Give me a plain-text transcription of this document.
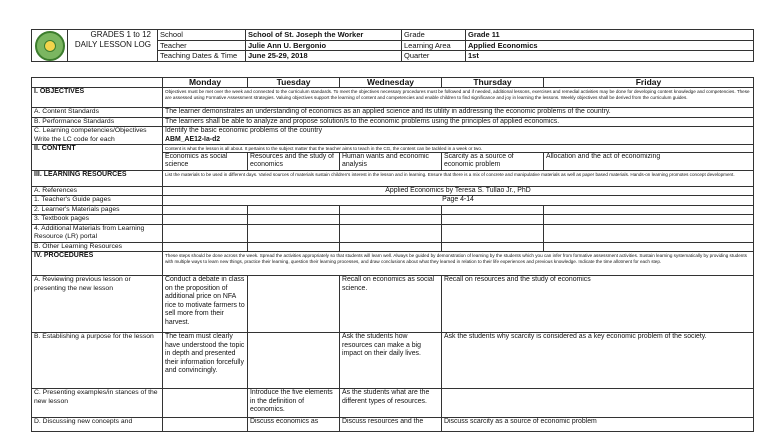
	GRADES 1 to 12
DAILY LESSON LOG	School	School of St. Joseph the Worker	Grade	Grade 11
		Teacher	Julie Ann U. Bergonio	Learning Area	Applied Economics
		Teaching Dates & Time	June 25-29, 2018	Quarter	1st
	Monday	Tuesday	Wednesday	Thursday	Friday
I. OBJECTIVES	Objectives must be met over the week and connected to the curriculum standards. To meet the objectives necessary procedures must be followed and if needed, additional lessons, exercises and remedial activities may be done for developing content knowledge and competencies. These are assessed using Formative Assessment strategies. Valuing objectives support the learning of content and competencies and enable children to find significance and joy in learning the lessons. Weekly objectives shall be derived from the curriculum guides.				
A. Content Standards	The learner demonstrates an understanding of economics as an applied science and its utility in addressing the economic problems of the country.				
B. Performance Standards	The learners shall be able to analyze and propose solution/s to the economic problems using the principles of applied economics.				
C. Learning competencies/Objectives Write the LC code for each	Identify the basic economic problems of the country
ABM_AE12-Ia-d2				

II. CONTENT	Content is what the lesson is all about. It pertains to the subject matter that the teacher aims to teach in the CG, the content can be tackled in a week or two.				
	Economics as social science	Resources and the study of economics	Human wants and economic analysis	Scarcity as a source of economic problem	Allocation and the act of economizing
III. LEARNING RESOURCES	List the materials to be used in different days. Varied sources of materials sustain children's interest in the lesson and in learning. Ensure that there is a mix of concrete and manipulative materials as well as paper based materials. Hands-on learning promotes concept development.				
A. References	Applied Economics by Teresa S. Tullao Jr., PhD				
1. Teacher's Guide pages	Page 4-14				
2. Learner's Materials pages					
3. Textbook pages					
4. Additional Materials from Learning Resource (LR) portal					
B. Other Learning Resources					
IV. PROCEDURES	These steps should be done across the week. Spread the activities appropriately so that students will learn well. Always be guided by demonstration of learning by the students which you can infer from formative assessment activities. Sustain learning systematically by providing students with multiple ways to learn new things, practice their learning, question their learning processes, and draw conclusions about what they learned in relation to their life experiences and previous knowledge. Indicate the time allotment for each step.				
A. Reviewing previous lesson or presenting the new lesson	Conduct a debate in class on the proposition of additional price on NFA rice to motivate farmers to sell more from their harvest.		Recall on economics as social science.	Recall on resources and the study of economics	
B. Establishing a purpose for the lesson	The team must clearly have understood the topic in depth and presented their information forcefully and convincingly.		Ask the students how resources can make a big impact on their daily lives.	Ask the students why scarcity is considered as a key economic problem of the society.	
C. Presenting examples/in stances of the new lesson		Introduce the five elements in the definition of economics.	As the students what are the different types of resources.		
D. Discussing new concepts and		Discuss economics as	Discuss resources and the	Discuss scarcity as a source of economic problem	
